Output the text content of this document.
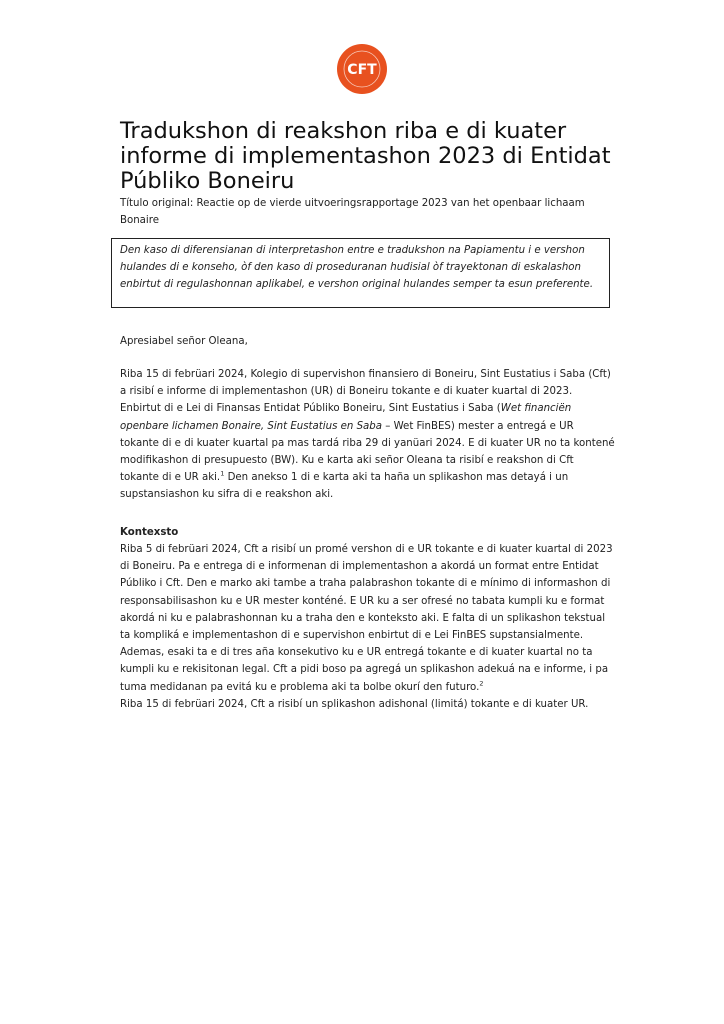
CFT
Tradukshon di reakshon riba e di kuater informe di implementashon 2023 di Entidat Públiko Boneiru

Título original: Reactie op de vierde uitvoeringsrapportage 2023 van het openbaar lichaam Bonaire

Den kaso di diferensianan di interpretashon entre e tradukshon na Papiamentu i e vershon hulandes di e konseho, òf den kaso di proseduranan hudisial òf trayektonan di eskalashon enbirtut di regulashonnan aplikabel, e vershon original hulandes semper ta esun preferente.

Apresiabel señor Oleana,

Riba 15 di febrüari 2024, Kolegio di supervishon finansiero di Boneiru, Sint Eustatius i Saba (Cft) a risibí e informe di implementashon (UR) di Boneiru tokante e di kuater kuartal di 2023. Enbirtut di e Lei di Finansas Entidat Públiko Boneiru, Sint Eustatius i Saba (Wet financiën openbare lichamen Bonaire, Sint Eustatius en Saba – Wet FinBES) mester a entregá e UR tokante di e di kuater kuartal pa mas tardá riba 29 di yanüari 2024. E di kuater UR no ta kontené modifikashon di presupuesto (BW). Ku e karta aki señor Oleana ta risibí e reakshon di Cft tokante di e UR aki.$^1$ Den anekso 1 di e karta aki ta haña un splikashon mas detayá i un supstansiashon ku sifra di e reakshon aki.

Kontexsto

Riba 5 di febrüari 2024, Cft a risibí un promé vershon di e UR tokante e di kuater kuartal di 2023 di Boneiru. Pa e entrega di e informenan di implementashon a akordá un format entre Entidat Públiko i Cft. Den e marko aki tambe a traha palabrashon tokante di e mínimo di informashon di responsabilisashon ku e UR mester konténé. E UR ku a ser ofresé no tabata kumpli ku e format akordá ni ku e palabrashonnan ku a traha den e kontekstо aki. E falta di un splikashon tekstual ta kompliká e implementashon di e supervishon enbirtut di e Lei FinBES supstansialmente. Ademas, esaki ta e di tres aña konsekutivo ku e UR entregá tokante e di kuater kuartal no ta kumpli ku e rekisitonan legal. Cft a pidi boso pa agregá un splikashon adekuá na e informe, i pa tuma medidanan pa evitá ku e problema aki ta bolbe okurí den futuro.$^2$
Riba 15 di febrüari 2024, Cft a risibí un splikashon adishonal (limitá) tokante e di kuater UR.
